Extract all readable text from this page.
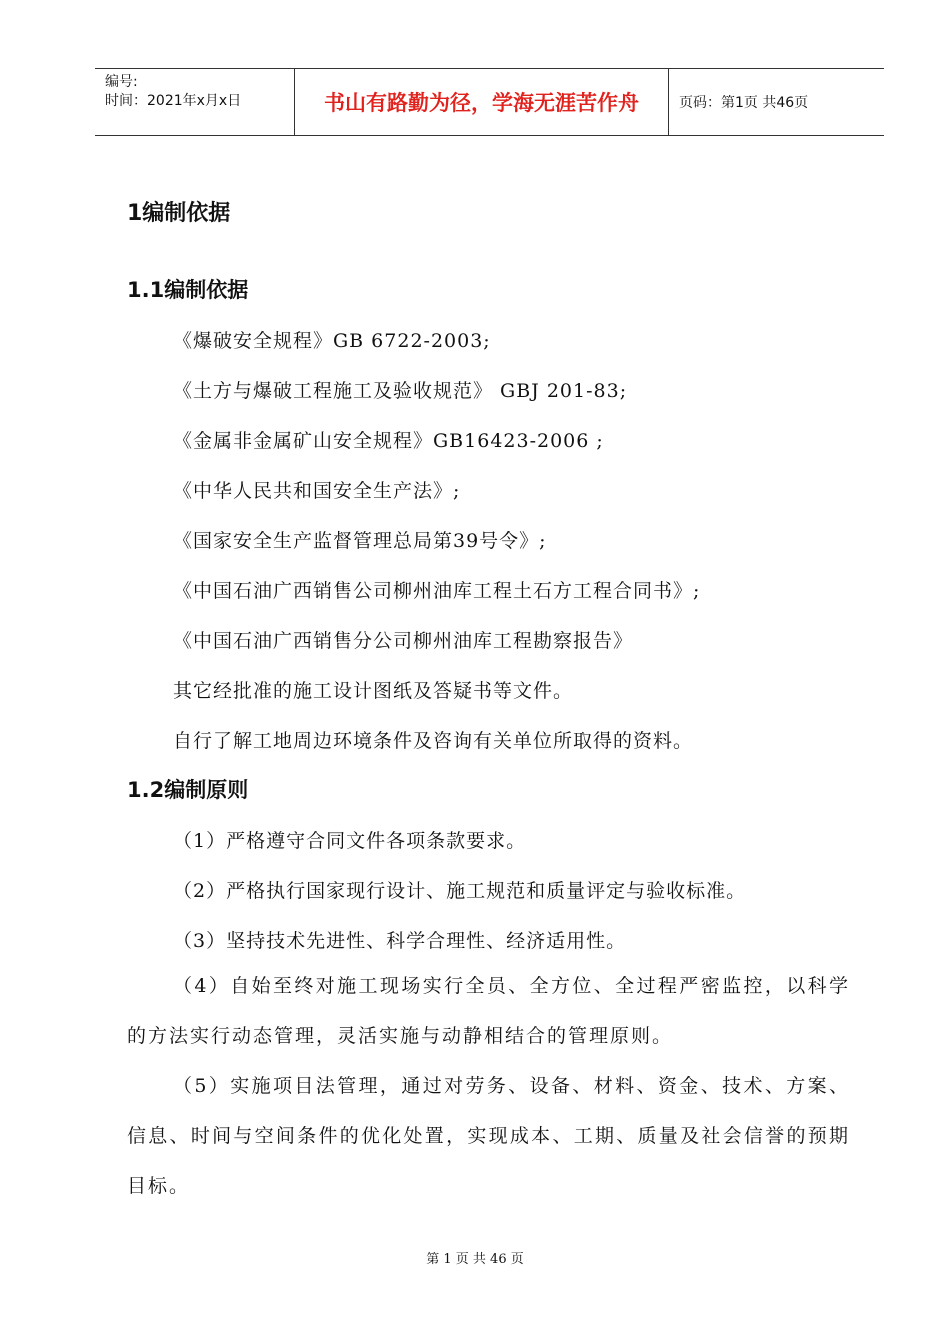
编号:
时间：2021年x月x日	书山有路勤为径，学海无涯苦作舟	页码：第1页 共46页
1编制依据
1.1编制依据
《爆破安全规程》GB 6722-2003;
《土方与爆破工程施工及验收规范》 GBJ 201-83;
《金属非金属矿山安全规程》GB16423-2006 ;
《中华人民共和国安全生产法》;
《国家安全生产监督管理总局第39号令》;
《中国石油广西销售公司柳州油库工程土石方工程合同书》;
《中国石油广西销售分公司柳州油库工程勘察报告》
其它经批准的施工设计图纸及答疑书等文件。
自行了解工地周边环境条件及咨询有关单位所取得的资料。
1.2编制原则
（1）严格遵守合同文件各项条款要求。
（2）严格执行国家现行设计、施工规范和质量评定与验收标准。
（3）坚持技术先进性、科学合理性、经济适用性。
（4）自始至终对施工现场实行全员、全方位、全过程严密监控，以科学的方法实行动态管理，灵活实施与动静相结合的管理原则。
（5）实施项目法管理，通过对劳务、设备、材料、资金、技术、方案、信息、时间与空间条件的优化处置，实现成本、工期、质量及社会信誉的预期目标。
第 1 页 共 46 页
